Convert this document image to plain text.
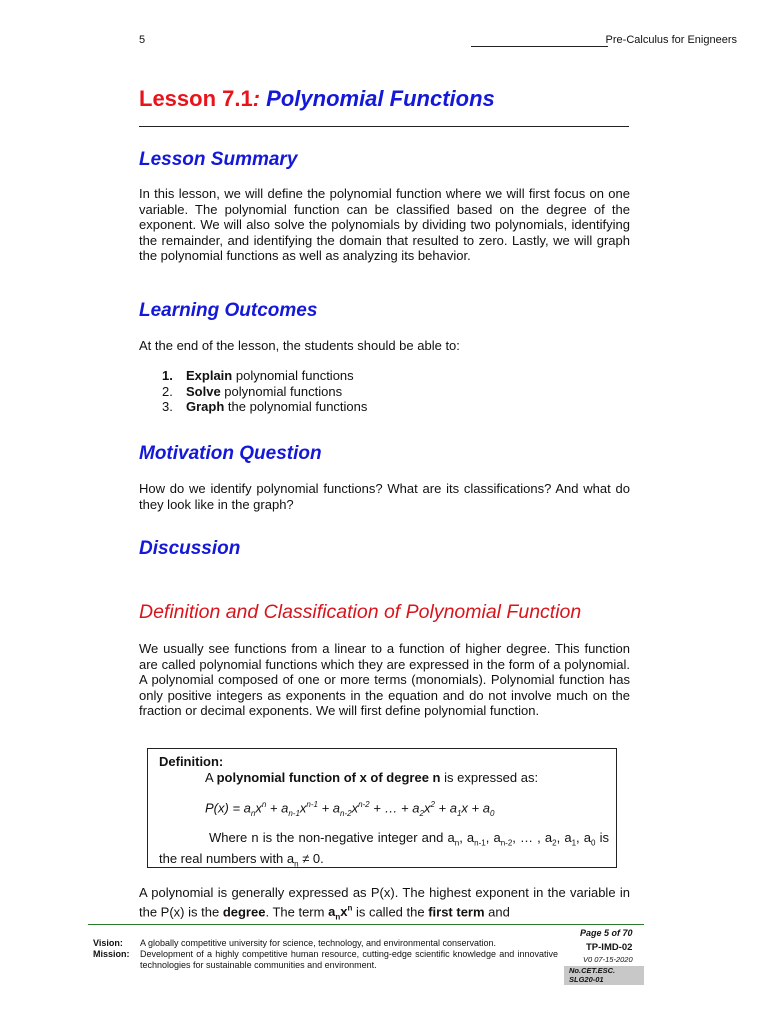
5	Pre-Calculus for Enigneers
Lesson 7.1: Polynomial Functions
Lesson Summary

In this lesson, we will define the polynomial function where we will first focus on one variable. The polynomial function can be classified based on the degree of the exponent. We will also solve the polynomials by dividing two polynomials, identifying the remainder, and identifying the domain that resulted to zero. Lastly, we will graph the polynomial functions as well as analyzing its behavior.

Learning Outcomes
At the end of the lesson, the students should be able to:
1.	Explain polynomial functions
2.	Solve polynomial functions
3.	Graph the polynomial functions
Motivation Question

How do we identify polynomial functions? What are its classifications? And what do they look like in the graph?

Discussion
Definition and Classification of Polynomial Function

We usually see functions from a linear to a function of higher degree. This function are called polynomial functions which they are expressed in the form of a polynomial. A polynomial composed of one or more terms (monomials). Polynomial function has only positive integers as exponents in the equation and do not involve much on the fraction or decimal exponents. We will first define polynomial function.

Definition:
A polynomial function of x of degree n is expressed as:
$P(x) = a_nx^n + a_{n-1}x^{n-1} + a_{n-2}x^{n-2}$ + … + $a_2x^2 + a_1x + a_0$
Where n is the non-negative integer and $a_n$, $a_{n-1}$, $a_{n-2}$, … , $a_2$, $a_1$, $a_0$ is the real numbers with $a_n \ne 0$.

A polynomial is generally expressed as P(x). The highest exponent in the variable in the P(x) is the degree. The term $a_nx^n$ is called the first term and

Page 5 of 70
TP-IMD-02
V0 07-15-2020
No.CET.ESC.
SLG20-01
Vision:	A globally competitive university for science, technology, and environmental conservation.
Mission:	Development of a highly competitive human resource, cutting-edge scientific knowledge and innovative technologies for sustainable communities and environment.
